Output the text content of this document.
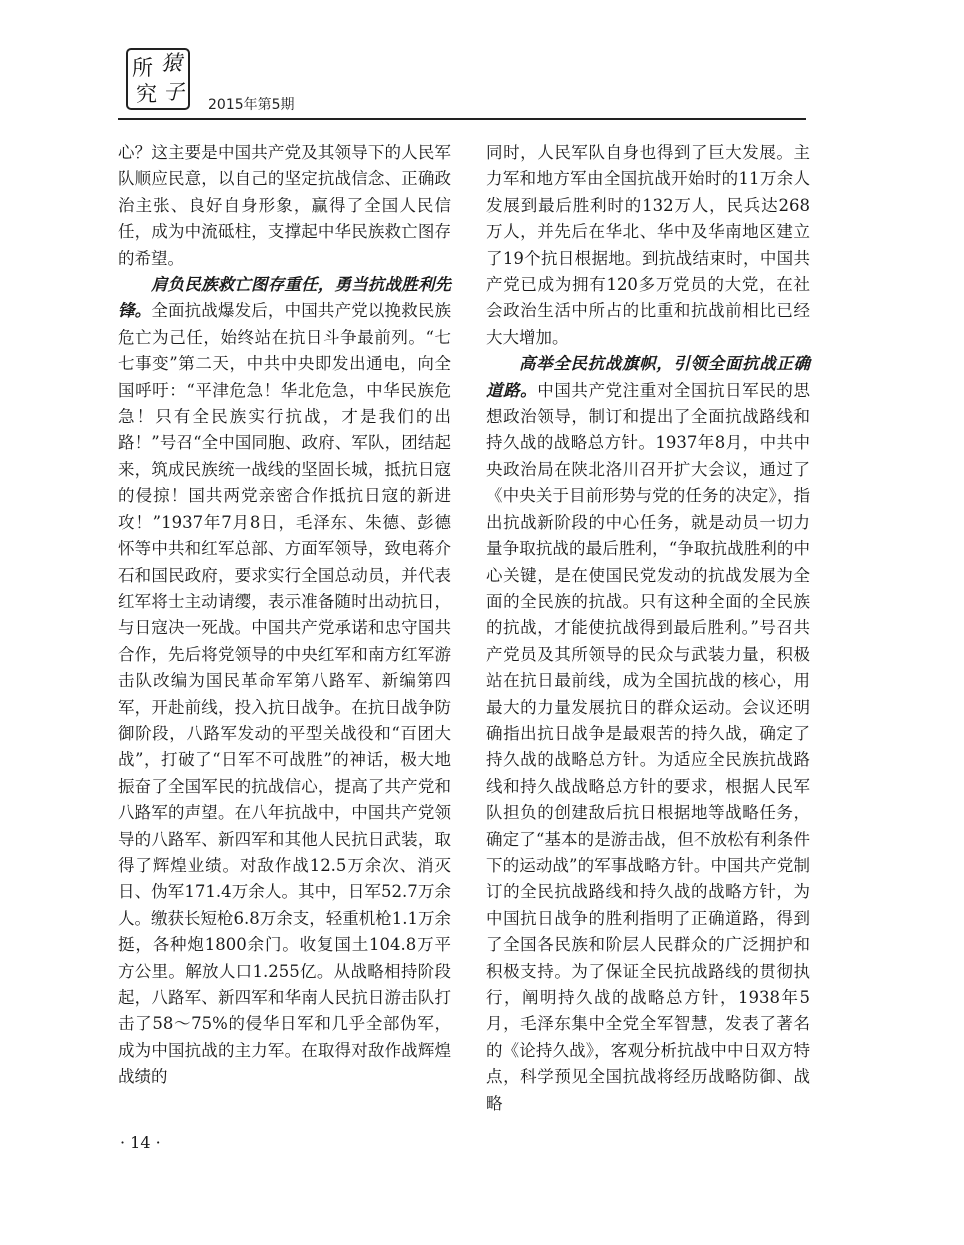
所 猿
究 子
2015年第5期

心？这主要是中国共产党及其领导下的人民军队顺应民意，以自己的坚定抗战信念、正确政治主张、良好自身形象，赢得了全国人民信任，成为中流砥柱，支撑起中华民族救亡图存的希望。

肩负民族救亡图存重任，勇当抗战胜利先锋。全面抗战爆发后，中国共产党以挽救民族危亡为己任，始终站在抗日斗争最前列。“七七事变”第二天，中共中央即发出通电，向全国呼吁：“平津危急！华北危急，中华民族危急！只有全民族实行抗战，才是我们的出路！”号召“全中国同胞、政府、军队，团结起来，筑成民族统一战线的坚固长城，抵抗日寇的侵掠！国共两党亲密合作抵抗日寇的新进攻！”1937年7月8日，毛泽东、朱德、彭德怀等中共和红军总部、方面军领导，致电蒋介石和国民政府，要求实行全国总动员，并代表红军将士主动请缨，表示准备随时出动抗日，与日寇决一死战。中国共产党承诺和忠守国共合作，先后将党领导的中央红军和南方红军游击队改编为国民革命军第八路军、新编第四军，开赴前线，投入抗日战争。在抗日战争防御阶段，八路军发动的平型关战役和“百团大战”，打破了“日军不可战胜”的神话，极大地振奋了全国军民的抗战信心，提高了共产党和八路军的声望。在八年抗战中，中国共产党领导的八路军、新四军和其他人民抗日武装，取得了辉煌业绩。对敌作战12.5万余次、消灭日、伪军171.4万余人。其中，日军52.7万余人。缴获长短枪6.8万余支，轻重机枪1.1万余挺，各种炮1800余门。收复国土104.8万平方公里。解放人口1.255亿。从战略相持阶段起，八路军、新四军和华南人民抗日游击队打击了58～75%的侵华日军和几乎全部伪军，成为中国抗战的主力军。在取得对敌作战辉煌战绩的

同时，人民军队自身也得到了巨大发展。主力军和地方军由全国抗战开始时的11万余人发展到最后胜利时的132万人，民兵达268万人，并先后在华北、华中及华南地区建立了19个抗日根据地。到抗战结束时，中国共产党已成为拥有120多万党员的大党，在社会政治生活中所占的比重和抗战前相比已经大大增加。

高举全民抗战旗帜，引领全面抗战正确道路。中国共产党注重对全国抗日军民的思想政治领导，制订和提出了全面抗战路线和持久战的战略总方针。1937年8月，中共中央政治局在陕北洛川召开扩大会议，通过了《中央关于目前形势与党的任务的决定》，指出抗战新阶段的中心任务，就是动员一切力量争取抗战的最后胜利，“争取抗战胜利的中心关键，是在使国民党发动的抗战发展为全面的全民族的抗战。只有这种全面的全民族的抗战，才能使抗战得到最后胜利。”号召共产党员及其所领导的民众与武装力量，积极站在抗日最前线，成为全国抗战的核心，用最大的力量发展抗日的群众运动。会议还明确指出抗日战争是最艰苦的持久战，确定了持久战的战略总方针。为适应全民族抗战路线和持久战战略总方针的要求，根据人民军队担负的创建敌后抗日根据地等战略任务，确定了“基本的是游击战，但不放松有利条件下的运动战”的军事战略方针。中国共产党制订的全民抗战路线和持久战的战略方针，为中国抗日战争的胜利指明了正确道路，得到了全国各民族和阶层人民群众的广泛拥护和积极支持。为了保证全民抗战路线的贯彻执行，阐明持久战的战略总方针，1938年5月，毛泽东集中全党全军智慧，发表了著名的《论持久战》，客观分析抗战中中日双方特点，科学预见全国抗战将经历战略防御、战略

· 14 ·
